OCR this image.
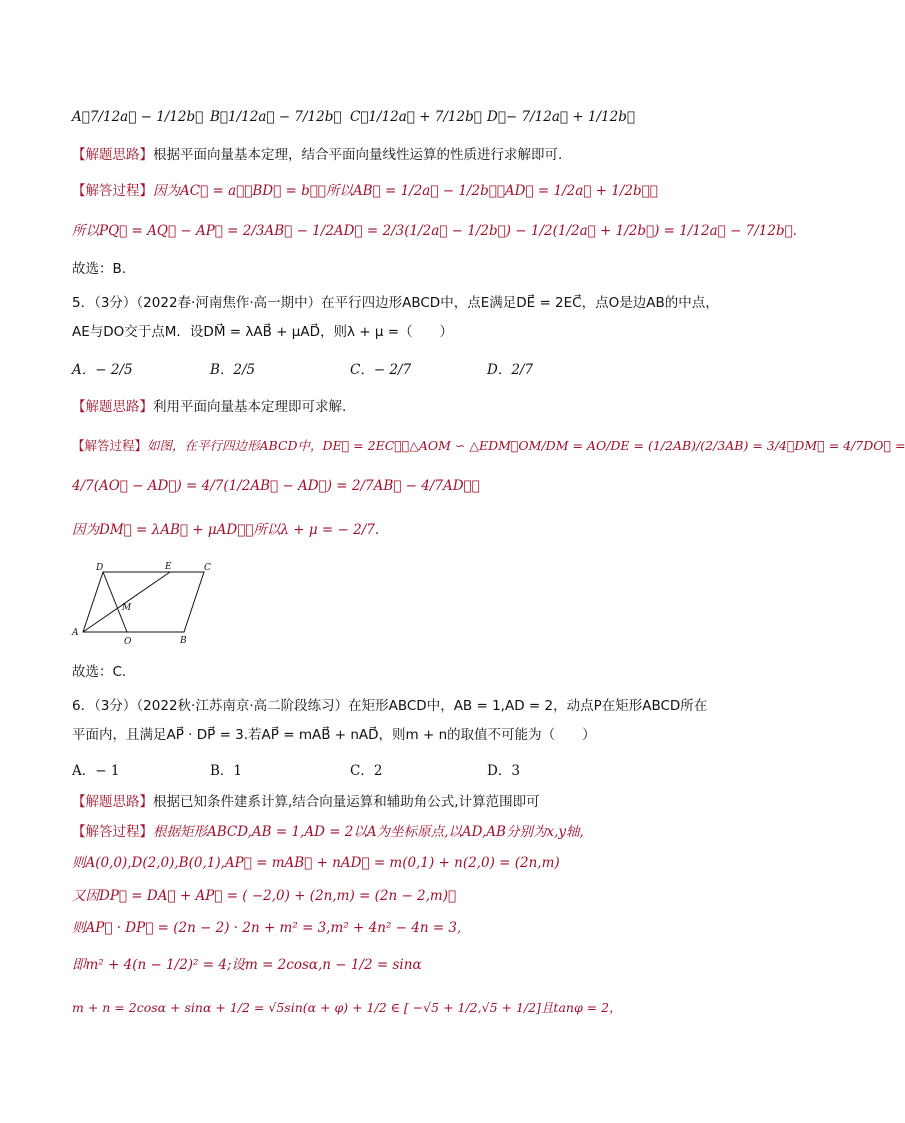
A．7/12a⃗ − 1/12b⃗ B．1/12a⃗ − 7/12b⃗ C．1/12a⃗ + 7/12b⃗ D．− 7/12a⃗ + 1/12b⃗
【解题思路】根据平面向量基本定理，结合平面向量线性运算的性质进行求解即可.
【解答过程】因为AC⃗ = a⃗，BD⃗ = b⃗，所以AB⃗ = 1/2a⃗ − 1/2b⃗，AD⃗ = 1/2a⃗ + 1/2b⃗，
所以PQ⃗ = AQ⃗ − AP⃗ = 2/3AB⃗ − 1/2AD⃗ = 2/3(1/2a⃗ − 1/2b⃗) − 1/2(1/2a⃗ + 1/2b⃗) = 1/12a⃗ − 7/12b⃗.
故选：B.
5．（3分）（2022春·河南焦作·高一期中）在平行四边形ABCD中，点E满足DE⃗ = 2EC⃗，点O是边AB的中点，
AE与DO交于点M．设DM⃗ = λAB⃗ + μAD⃗，则λ + μ =（　　）
A．− 2/5	B．2/5	C．− 2/7	D．2/7
【解题思路】利用平面向量基本定理即可求解.
【解答过程】如图，在平行四边形ABCD中，DE⃗ = 2EC⃗，△AOM ∽ △EDM，OM/DM = AO/DE = (1/2AB)/(2/3AB) = 3/4，DM⃗ = 4/7DO⃗ =
4/7(AO⃗ − AD⃗) = 4/7(1/2AB⃗ − AD⃗) = 2/7AB⃗ − 4/7AD⃗，
因为DM⃗ = λAB⃗ + μAD⃗，所以λ + μ = − 2/7.
A
B
C
D	E
M
O
故选：C.
6．（3分）（2022秋·江苏南京·高二阶段练习）在矩形ABCD中，AB = 1,AD = 2，动点P在矩形ABCD所在
平面内，且满足AP⃗ · DP⃗ = 3.若AP⃗ = mAB⃗ + nAD⃗，则m + n的取值不可能为（　　）
A．− 1	B．1	C．2	D．3
【解题思路】根据已知条件建系计算,结合向量运算和辅助角公式,计算范围即可
【解答过程】根据矩形ABCD,AB = 1,AD = 2以A为坐标原点,以AD,AB分别为x,y轴,
则A(0,0),D(2,0),B(0,1),AP⃗ = mAB⃗ + nAD⃗ = m(0,1) + n(2,0) = (2n,m)
又因DP⃗ = DA⃗ + AP⃗ = ( −2,0) + (2n,m) = (2n − 2,m)，
则AP⃗ · DP⃗ = (2n − 2) · 2n + m² = 3,m² + 4n² − 4n = 3,
即m² + 4(n − 1/2)² = 4;设m = 2cosα,n − 1/2 = sinα
m + n = 2cosα + sinα + 1/2 = √5sin(α + φ) + 1/2 ∈ [ −√5 + 1/2,√5 + 1/2]且tanφ = 2，
